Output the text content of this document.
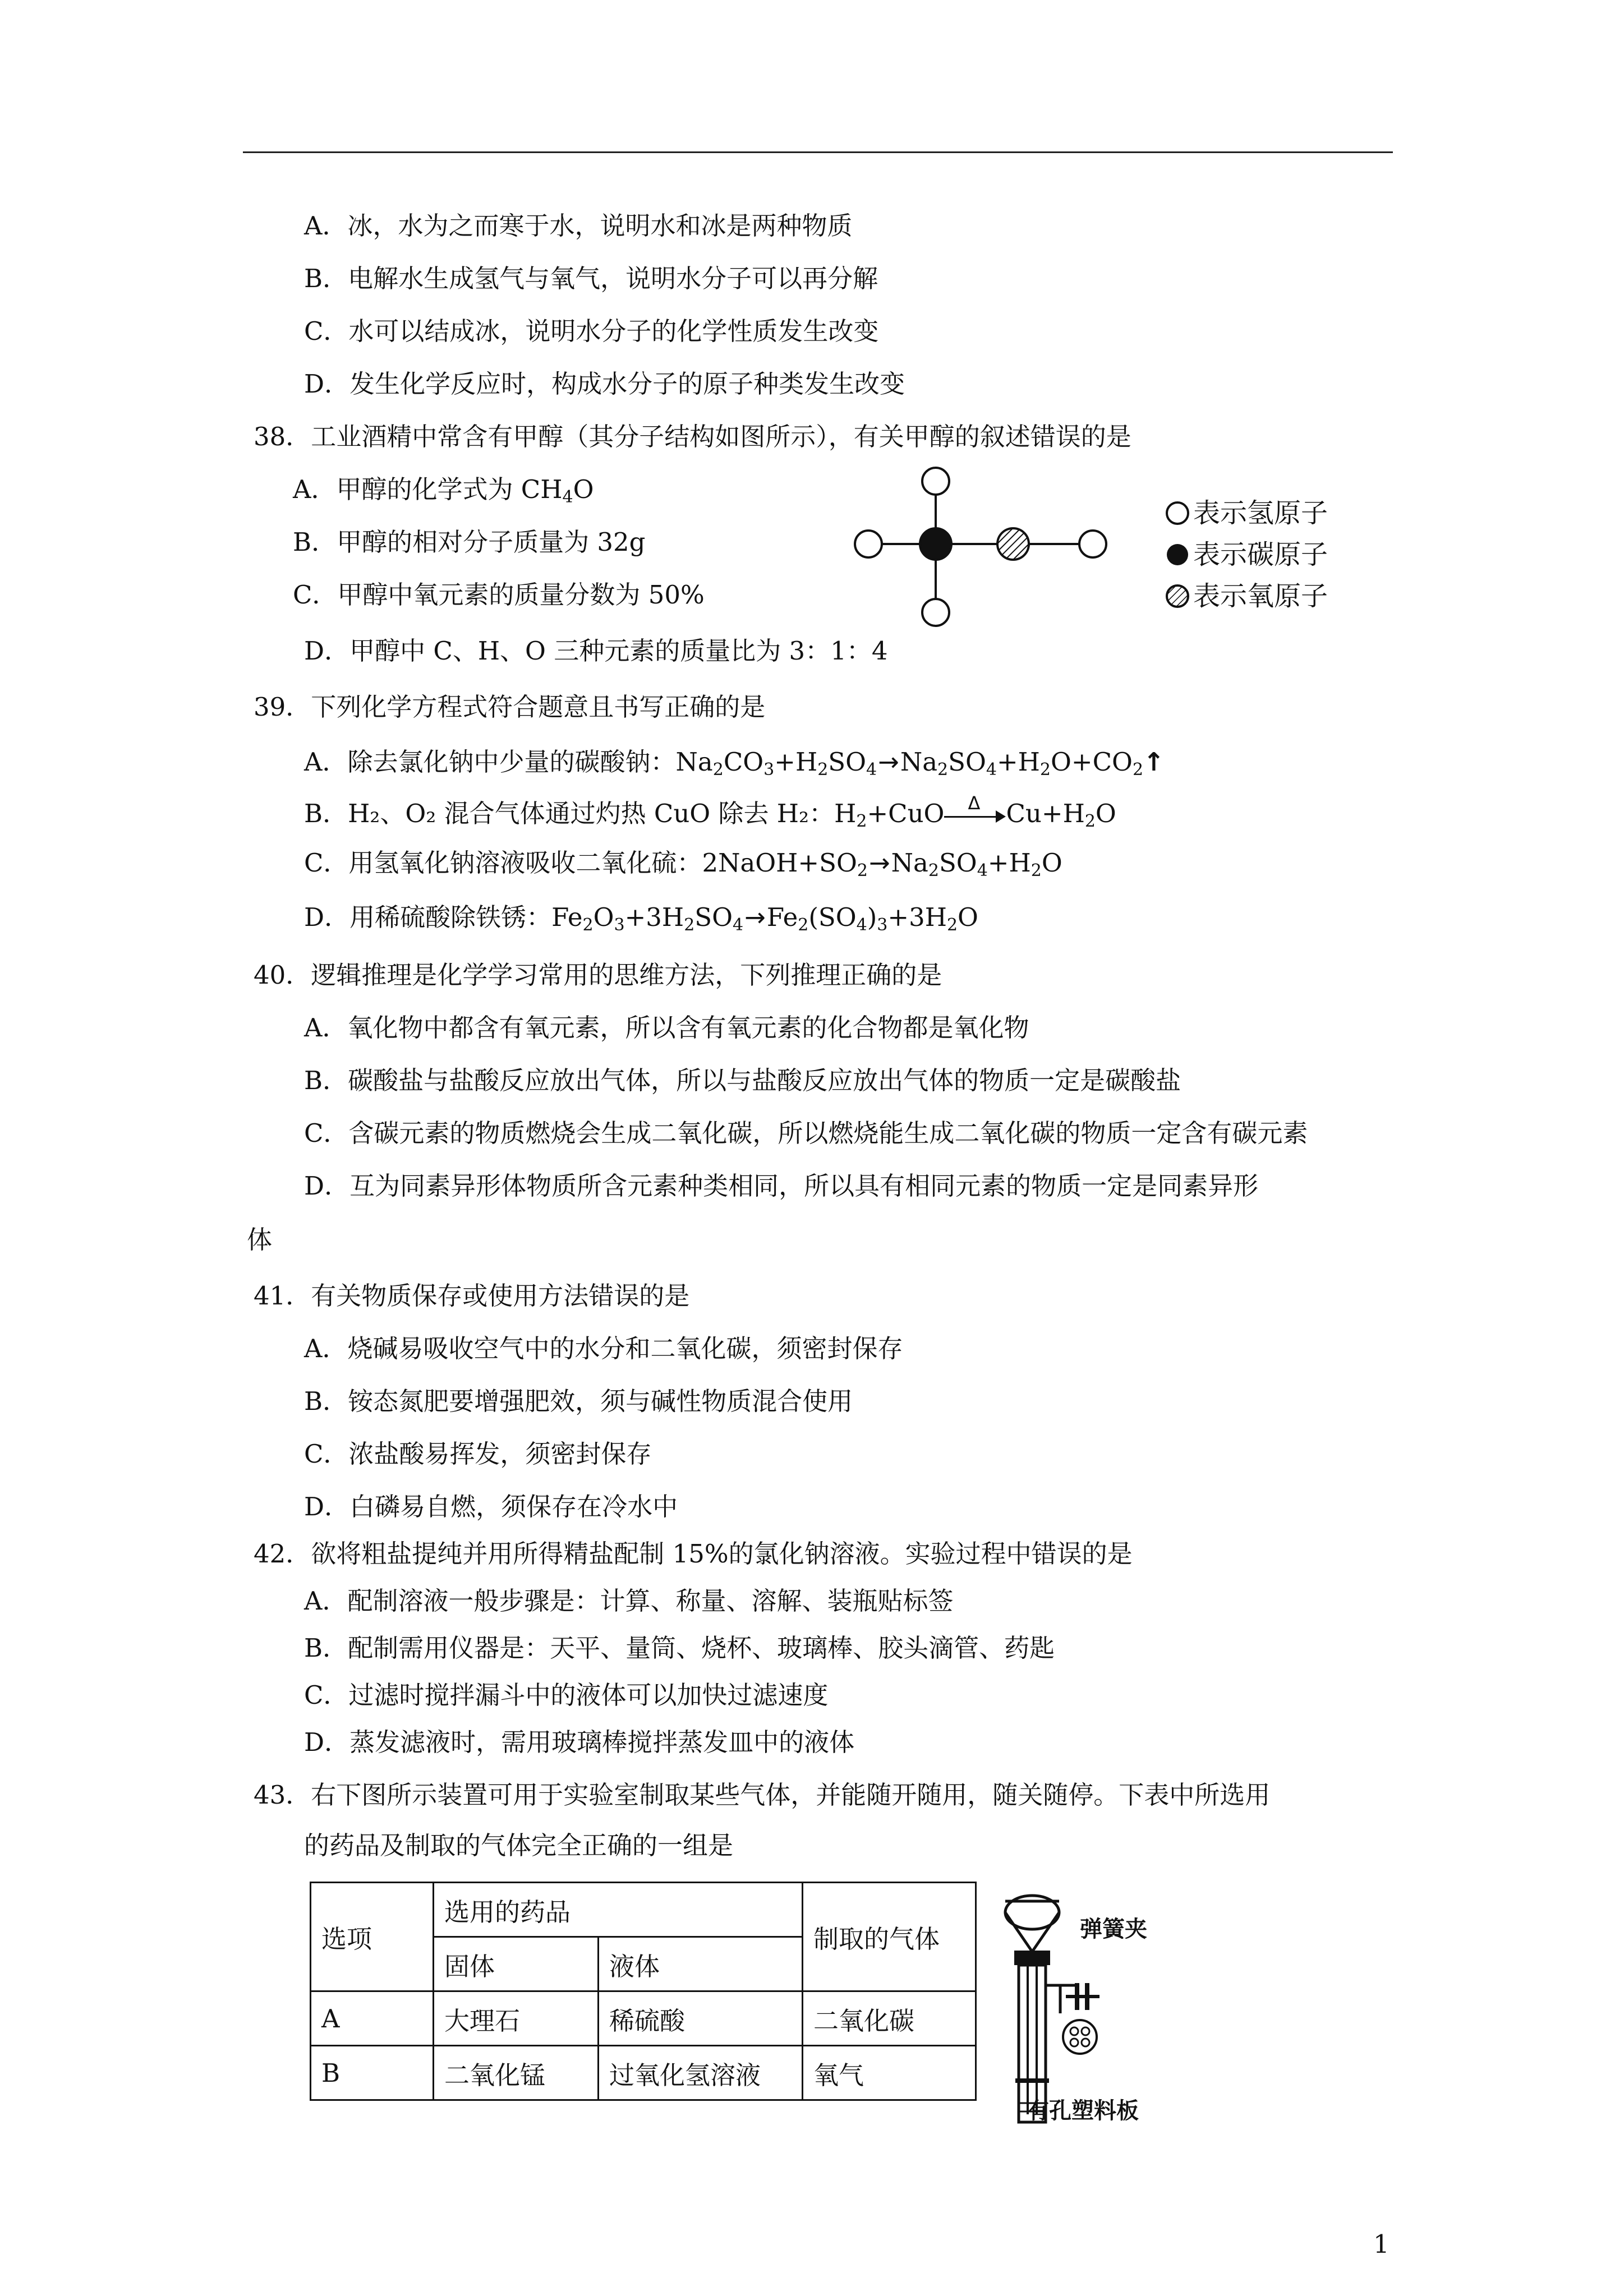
A．冰，水为之而寒于水，说明水和冰是两种物质
B．电解水生成氢气与氧气，说明水分子可以再分解
C．水可以结成冰，说明水分子的化学性质发生改变
D．发生化学反应时，构成水分子的原子种类发生改变
38．工业酒精中常含有甲醇（其分子结构如图所示），有关甲醇的叙述错误的是
A．甲醇的化学式为 $CH_4O$
B．甲醇的相对分子质量为 32g
C．甲醇中氧元素的质量分数为 50%
D．甲醇中 C、H、O 三种元素的质量比为 3：1：4
表示氢原子
表示碳原子
表示氧原子
39．下列化学方程式符合题意且书写正确的是
A．除去氯化钠中少量的碳酸钠：$Na_2CO_3+H_2SO_4\to Na_2SO_4+H_2O+CO_2↑$
B．H₂、O₂ 混合气体通过灼热 CuO 除去 H₂：$H_2+CuO$ Δ $Cu+H_2O$
C．用氢氧化钠溶液吸收二氧化硫：$2NaOH+SO_2\to Na_2SO_4+H_2O$
D．用稀硫酸除铁锈：$Fe_2O_3+3H_2SO_4\to Fe_2(SO_4)_3+3H_2O$
40．逻辑推理是化学学习常用的思维方法，下列推理正确的是
A．氧化物中都含有氧元素，所以含有氧元素的化合物都是氧化物
B．碳酸盐与盐酸反应放出气体，所以与盐酸反应放出气体的物质一定是碳酸盐
C．含碳元素的物质燃烧会生成二氧化碳，所以燃烧能生成二氧化碳的物质一定含有碳元素
D．互为同素异形体物质所含元素种类相同，所以具有相同元素的物质一定是同素异形
体
41．有关物质保存或使用方法错误的是
A．烧碱易吸收空气中的水分和二氧化碳，须密封保存
B．铵态氮肥要增强肥效，须与碱性物质混合使用
C．浓盐酸易挥发，须密封保存
D．白磷易自燃，须保存在冷水中
42．欲将粗盐提纯并用所得精盐配制 15%的氯化钠溶液。实验过程中错误的是
A．配制溶液一般步骤是：计算、称量、溶解、装瓶贴标签
B．配制需用仪器是：天平、量筒、烧杯、玻璃棒、胶头滴管、药匙
C．过滤时搅拌漏斗中的液体可以加快过滤速度
D．蒸发滤液时，需用玻璃棒搅拌蒸发皿中的液体
43．右下图所示装置可用于实验室制取某些气体，并能随开随用，随关随停。下表中所选用
的药品及制取的气体完全正确的一组是
选项	选用的药品		制取的气体
	固体	液体	
A	大理石	稀硫酸	二氧化碳
B	二氧化锰	过氧化氢溶液	氧气
弹簧夹
有孔塑料板
1
